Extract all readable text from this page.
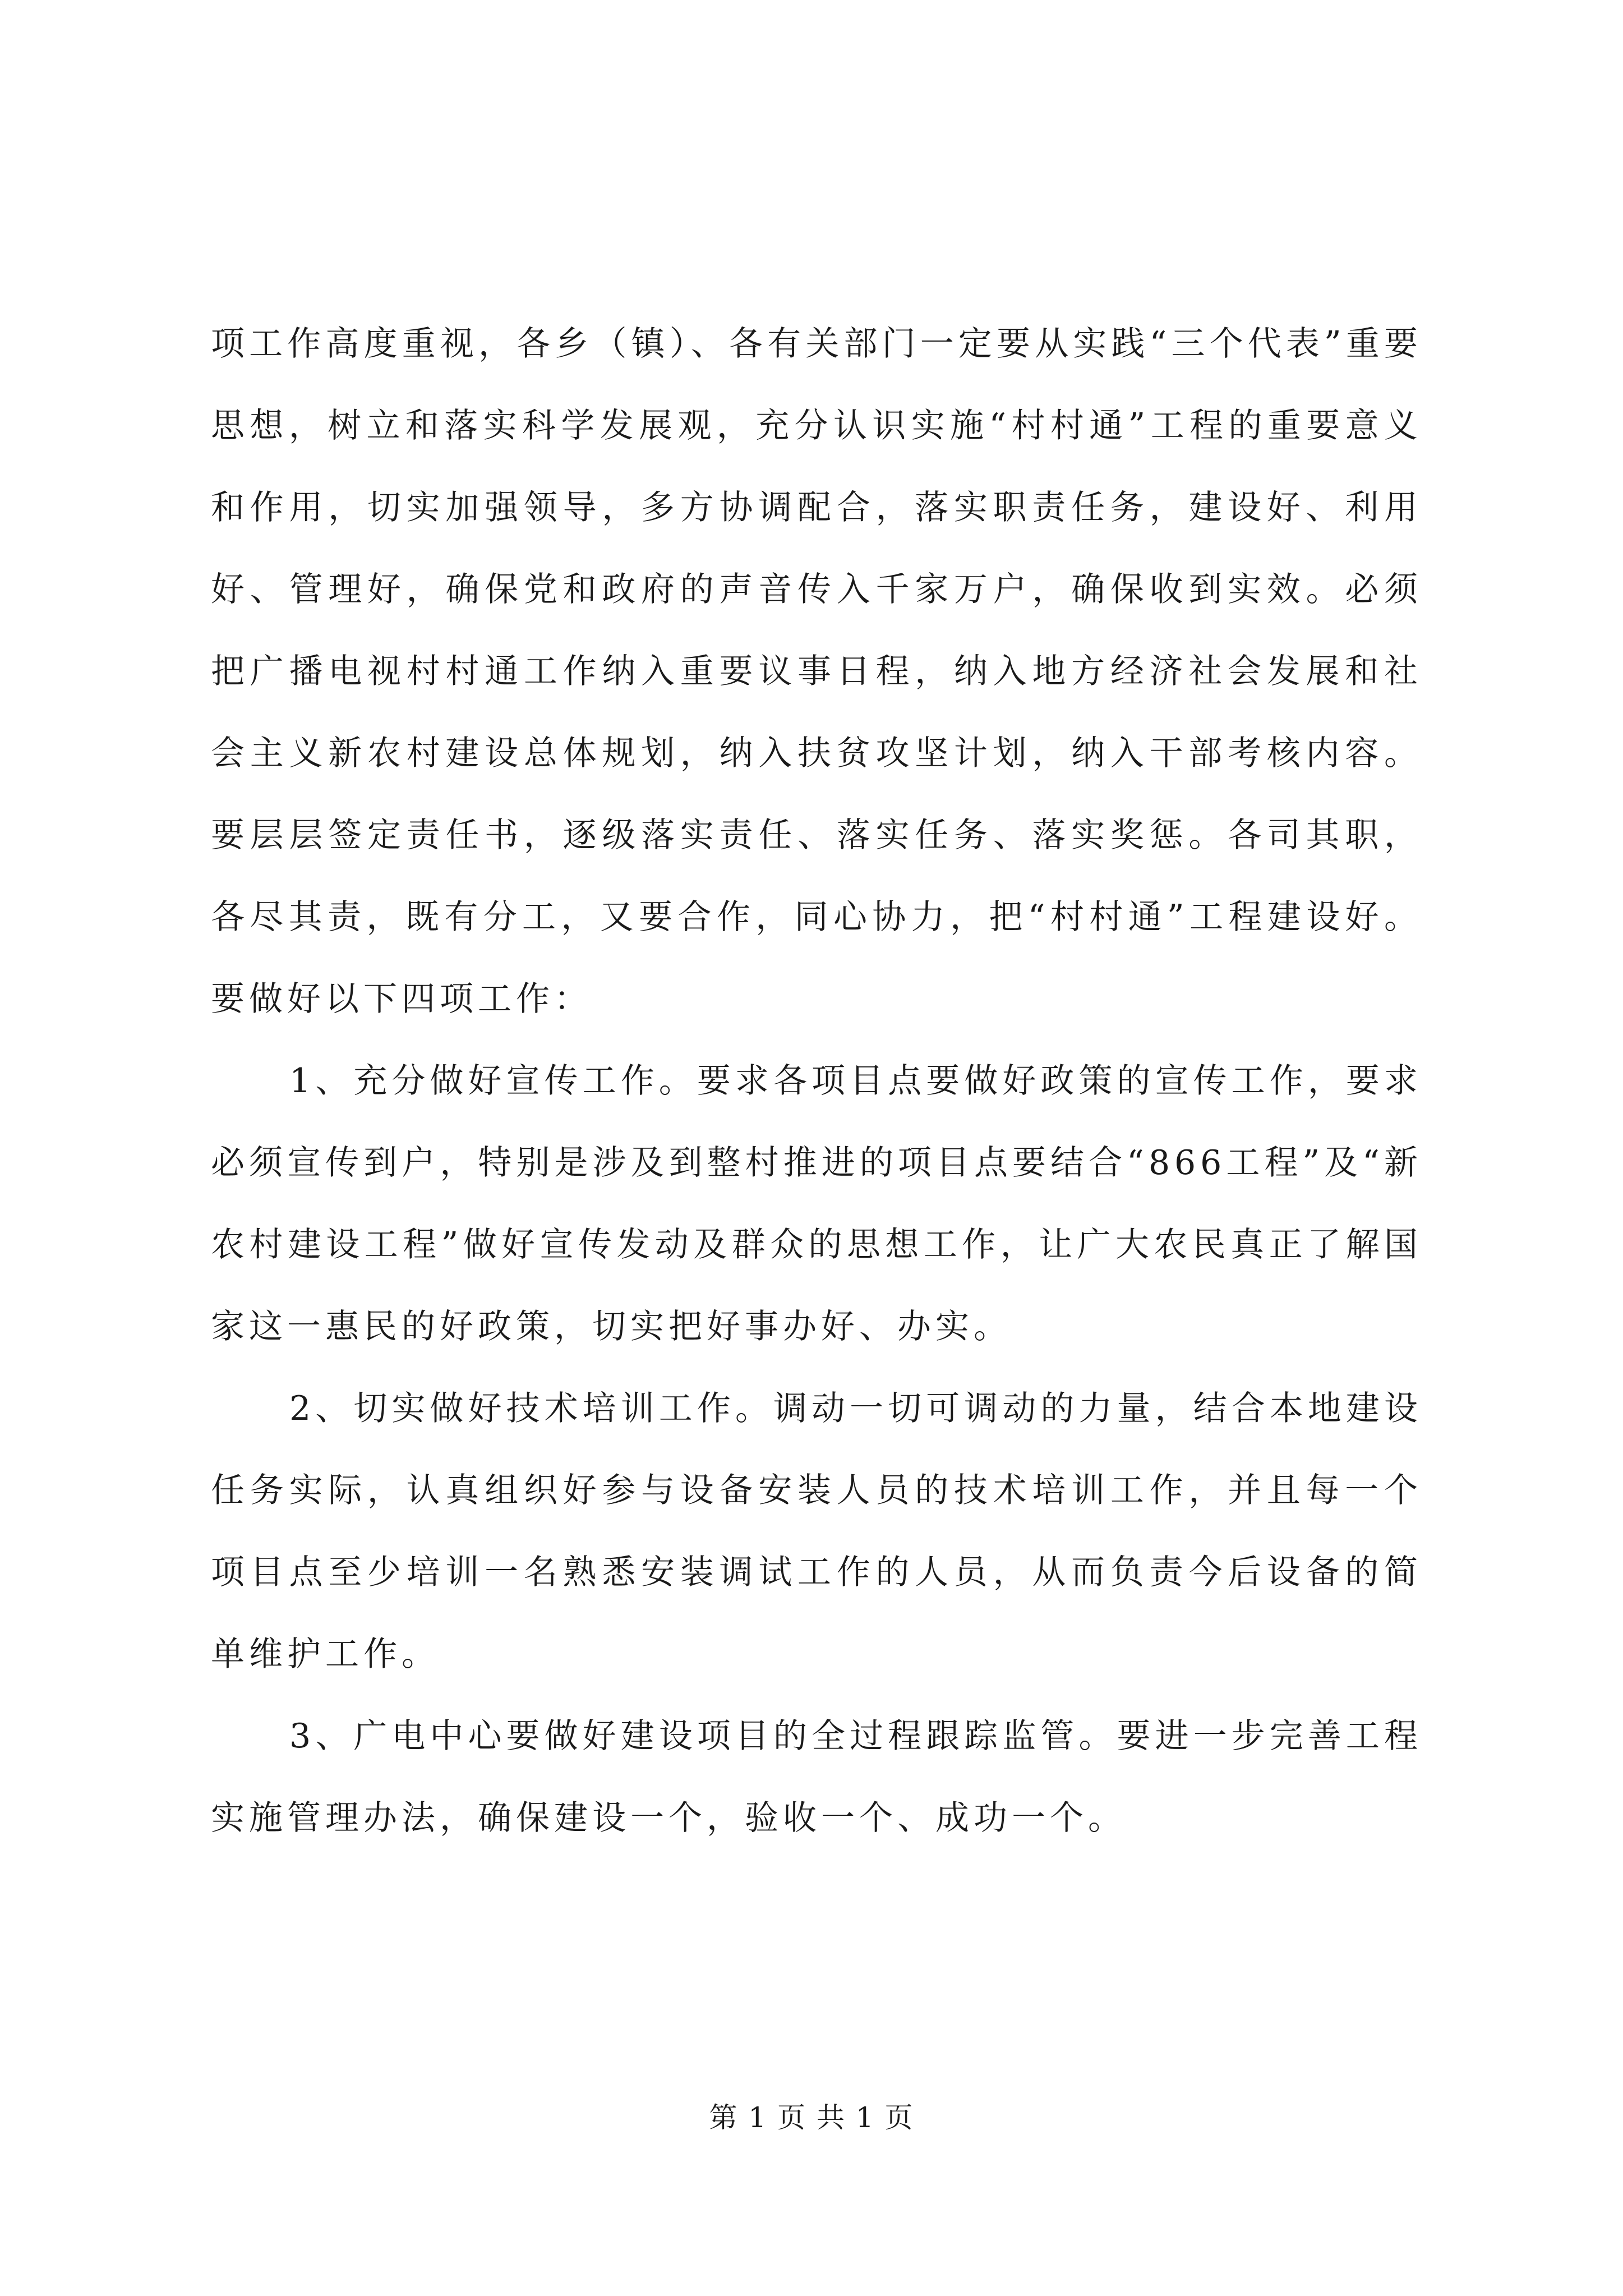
项工作高度重视，各乡（镇）、各有关部门一定要从实践“三个代表”重要思想，树立和落实科学发展观，充分认识实施“村村通”工程的重要意义和作用，切实加强领导，多方协调配合，落实职责任务，建设好、利用好、管理好，确保党和政府的声音传入千家万户，确保收到实效。必须把广播电视村村通工作纳入重要议事日程，纳入地方经济社会发展和社会主义新农村建设总体规划，纳入扶贫攻坚计划，纳入干部考核内容。要层层签定责任书，逐级落实责任、落实任务、落实奖惩。各司其职，各尽其责，既有分工，又要合作，同心协力，把“村村通”工程建设好。要做好以下四项工作：

1、充分做好宣传工作。要求各项目点要做好政策的宣传工作，要求必须宣传到户，特别是涉及到整村推进的项目点要结合“866工程”及“新农村建设工程”做好宣传发动及群众的思想工作，让广大农民真正了解国家这一惠民的好政策，切实把好事办好、办实。

2、切实做好技术培训工作。调动一切可调动的力量，结合本地建设任务实际，认真组织好参与设备安装人员的技术培训工作，并且每一个项目点至少培训一名熟悉安装调试工作的人员，从而负责今后设备的简单维护工作。

3、广电中心要做好建设项目的全过程跟踪监管。要进一步完善工程实施管理办法，确保建设一个，验收一个、成功一个。

第 1 页 共 1 页
